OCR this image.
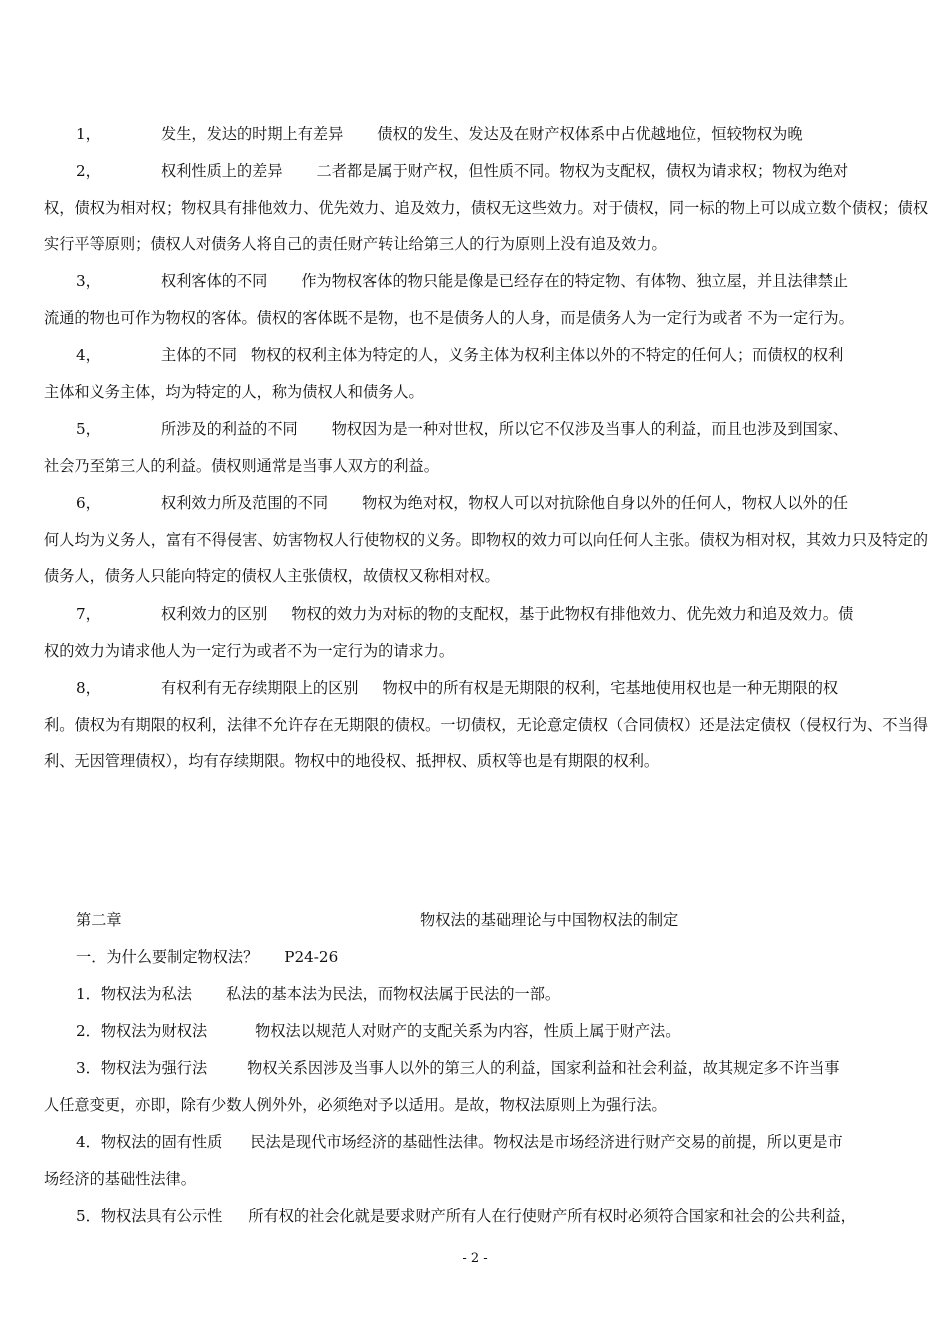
1，	发生，发达的时期上有差异 债权的发生、发达及在财产权体系中占优越地位，恒较物权为晚
2，	权利性质上的差异 二者都是属于财产权，但性质不同。物权为支配权，债权为请求权；物权为绝对
权，债权为相对权；物权具有排他效力、优先效力、追及效力，债权无这些效力。对于债权，同一标的物上可以成立数个债权；债权实行平等原则；债权人对债务人将自己的责任财产转让给第三人的行为原则上没有追及效力。
3，	权利客体的不同 作为物权客体的物只能是像是已经存在的特定物、有体物、独立屋，并且法律禁止
流通的物也可作为物权的客体。债权的客体既不是物，也不是债务人的人身，而是债务人为一定行为或者 不为一定行为。
4，	主体的不同 物权的权利主体为特定的人，义务主体为权利主体以外的不特定的任何人；而债权的权利
主体和义务主体，均为特定的人，称为债权人和债务人。
5，	所涉及的利益的不同 物权因为是一种对世权，所以它不仅涉及当事人的利益，而且也涉及到国家、
社会乃至第三人的利益。债权则通常是当事人双方的利益。
6，	权利效力所及范围的不同 物权为绝对权，物权人可以对抗除他自身以外的任何人，物权人以外的任
何人均为义务人，富有不得侵害、妨害物权人行使物权的义务。即物权的效力可以向任何人主张。债权为相对权，其效力只及特定的债务人，债务人只能向特定的债权人主张债权，故债权又称相对权。
7，	权利效力的区别 物权的效力为对标的物的支配权，基于此物权有排他效力、优先效力和追及效力。债
权的效力为请求他人为一定行为或者不为一定行为的请求力。
8，	有权利有无存续期限上的区别 物权中的所有权是无期限的权利，宅基地使用权也是一种无期限的权
利。债权为有期限的权利，法律不允许存在无期限的债权。一切债权，无论意定债权（合同债权）还是法定债权（侵权行为、不当得利、无因管理债权），均有存续期限。物权中的地役权、抵押权、质权等也是有期限的权利。
第二章	物权法的基础理论与中国物权法的制定
一．为什么要制定物权法？ P24-26
1．物权法为私法 私法的基本法为民法，而物权法属于民法的一部。
2．物权法为财权法	物权法以规范人对财产的支配关系为内容，性质上属于财产法。
3．物权法为强行法	物权关系因涉及当事人以外的第三人的利益，国家利益和社会利益，故其规定多不许当事
人任意变更，亦即，除有少数人例外外，必须绝对予以适用。是故，物权法原则上为强行法。
4．物权法的固有性质 民法是现代市场经济的基础性法律。物权法是市场经济进行财产交易的前提，所以更是市
场经济的基础性法律。
5．物权法具有公示性 所有权的社会化就是要求财产所有人在行使财产所有权时必须符合国家和社会的公共利益，
- 2 -
